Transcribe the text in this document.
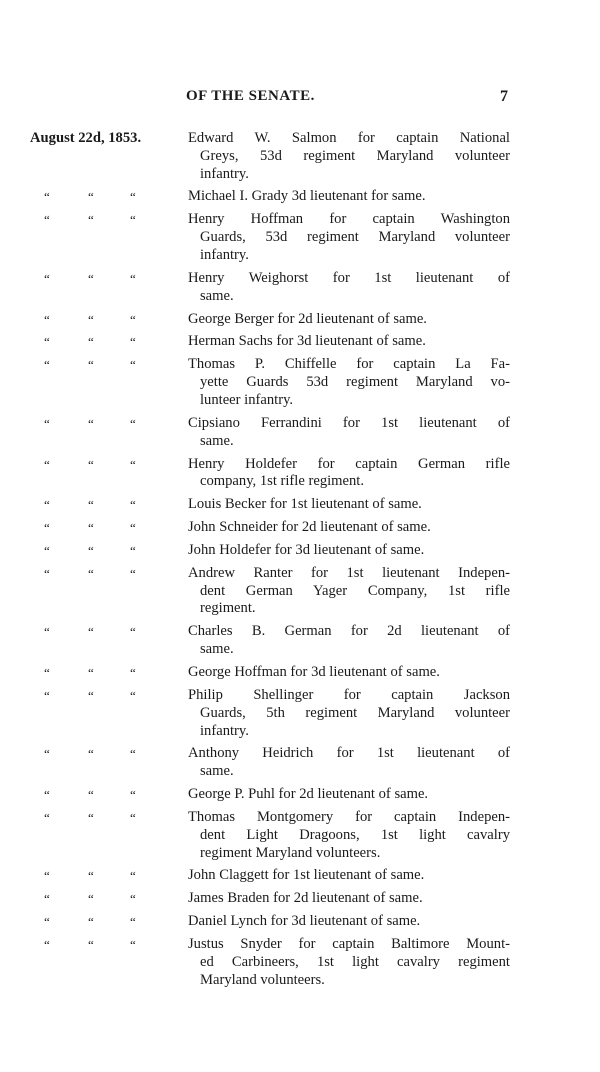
OF THE SENATE.	7
August 22d, 1853.	Edward W. Salmon for captain National
Greys, 53d regiment Maryland volunteer
infantry.
“	“	“	Michael I. Grady 3d lieutenant for same.
“	“	“	Henry Hoffman for captain Washington
Guards, 53d regiment Maryland volunteer
infantry.
“	“	“	Henry Weighorst for 1st lieutenant of
same.
“	“	“	George Berger for 2d lieutenant of same.
“	“	“	Herman Sachs for 3d lieutenant of same.
“	“	“	Thomas P. Chiffelle for captain La Fa-
yette Guards 53d regiment Maryland vo-
lunteer infantry.
“	“	“	Cipsiano Ferrandini for 1st lieutenant of
same.
“	“	“	Henry Holdefer for captain German rifle
company, 1st rifle regiment.
“	“	“	Louis Becker for 1st lieutenant of same.
“	“	“	John Schneider for 2d lieutenant of same.
“	“	“	John Holdefer for 3d lieutenant of same.
“	“	“	Andrew Ranter for 1st lieutenant Indepen-
dent German Yager Company, 1st rifle
regiment.
“	“	“	Charles B. German for 2d lieutenant of
same.
“	“	“	George Hoffman for 3d lieutenant of same.
“	“	“	Philip Shellinger for captain Jackson
Guards, 5th regiment Maryland volunteer
infantry.
“	“	“	Anthony Heidrich for 1st lieutenant of
same.
“	“	“	George P. Puhl for 2d lieutenant of same.
“	“	“	Thomas Montgomery for captain Indepen-
dent Light Dragoons, 1st light cavalry
regiment Maryland volunteers.
“	“	“	John Claggett for 1st lieutenant of same.
“	“	“	James Braden for 2d lieutenant of same.
“	“	“	Daniel Lynch for 3d lieutenant of same.
“	“	“	Justus Snyder for captain Baltimore Mount-
ed Carbineers, 1st light cavalry regiment
Maryland volunteers.
